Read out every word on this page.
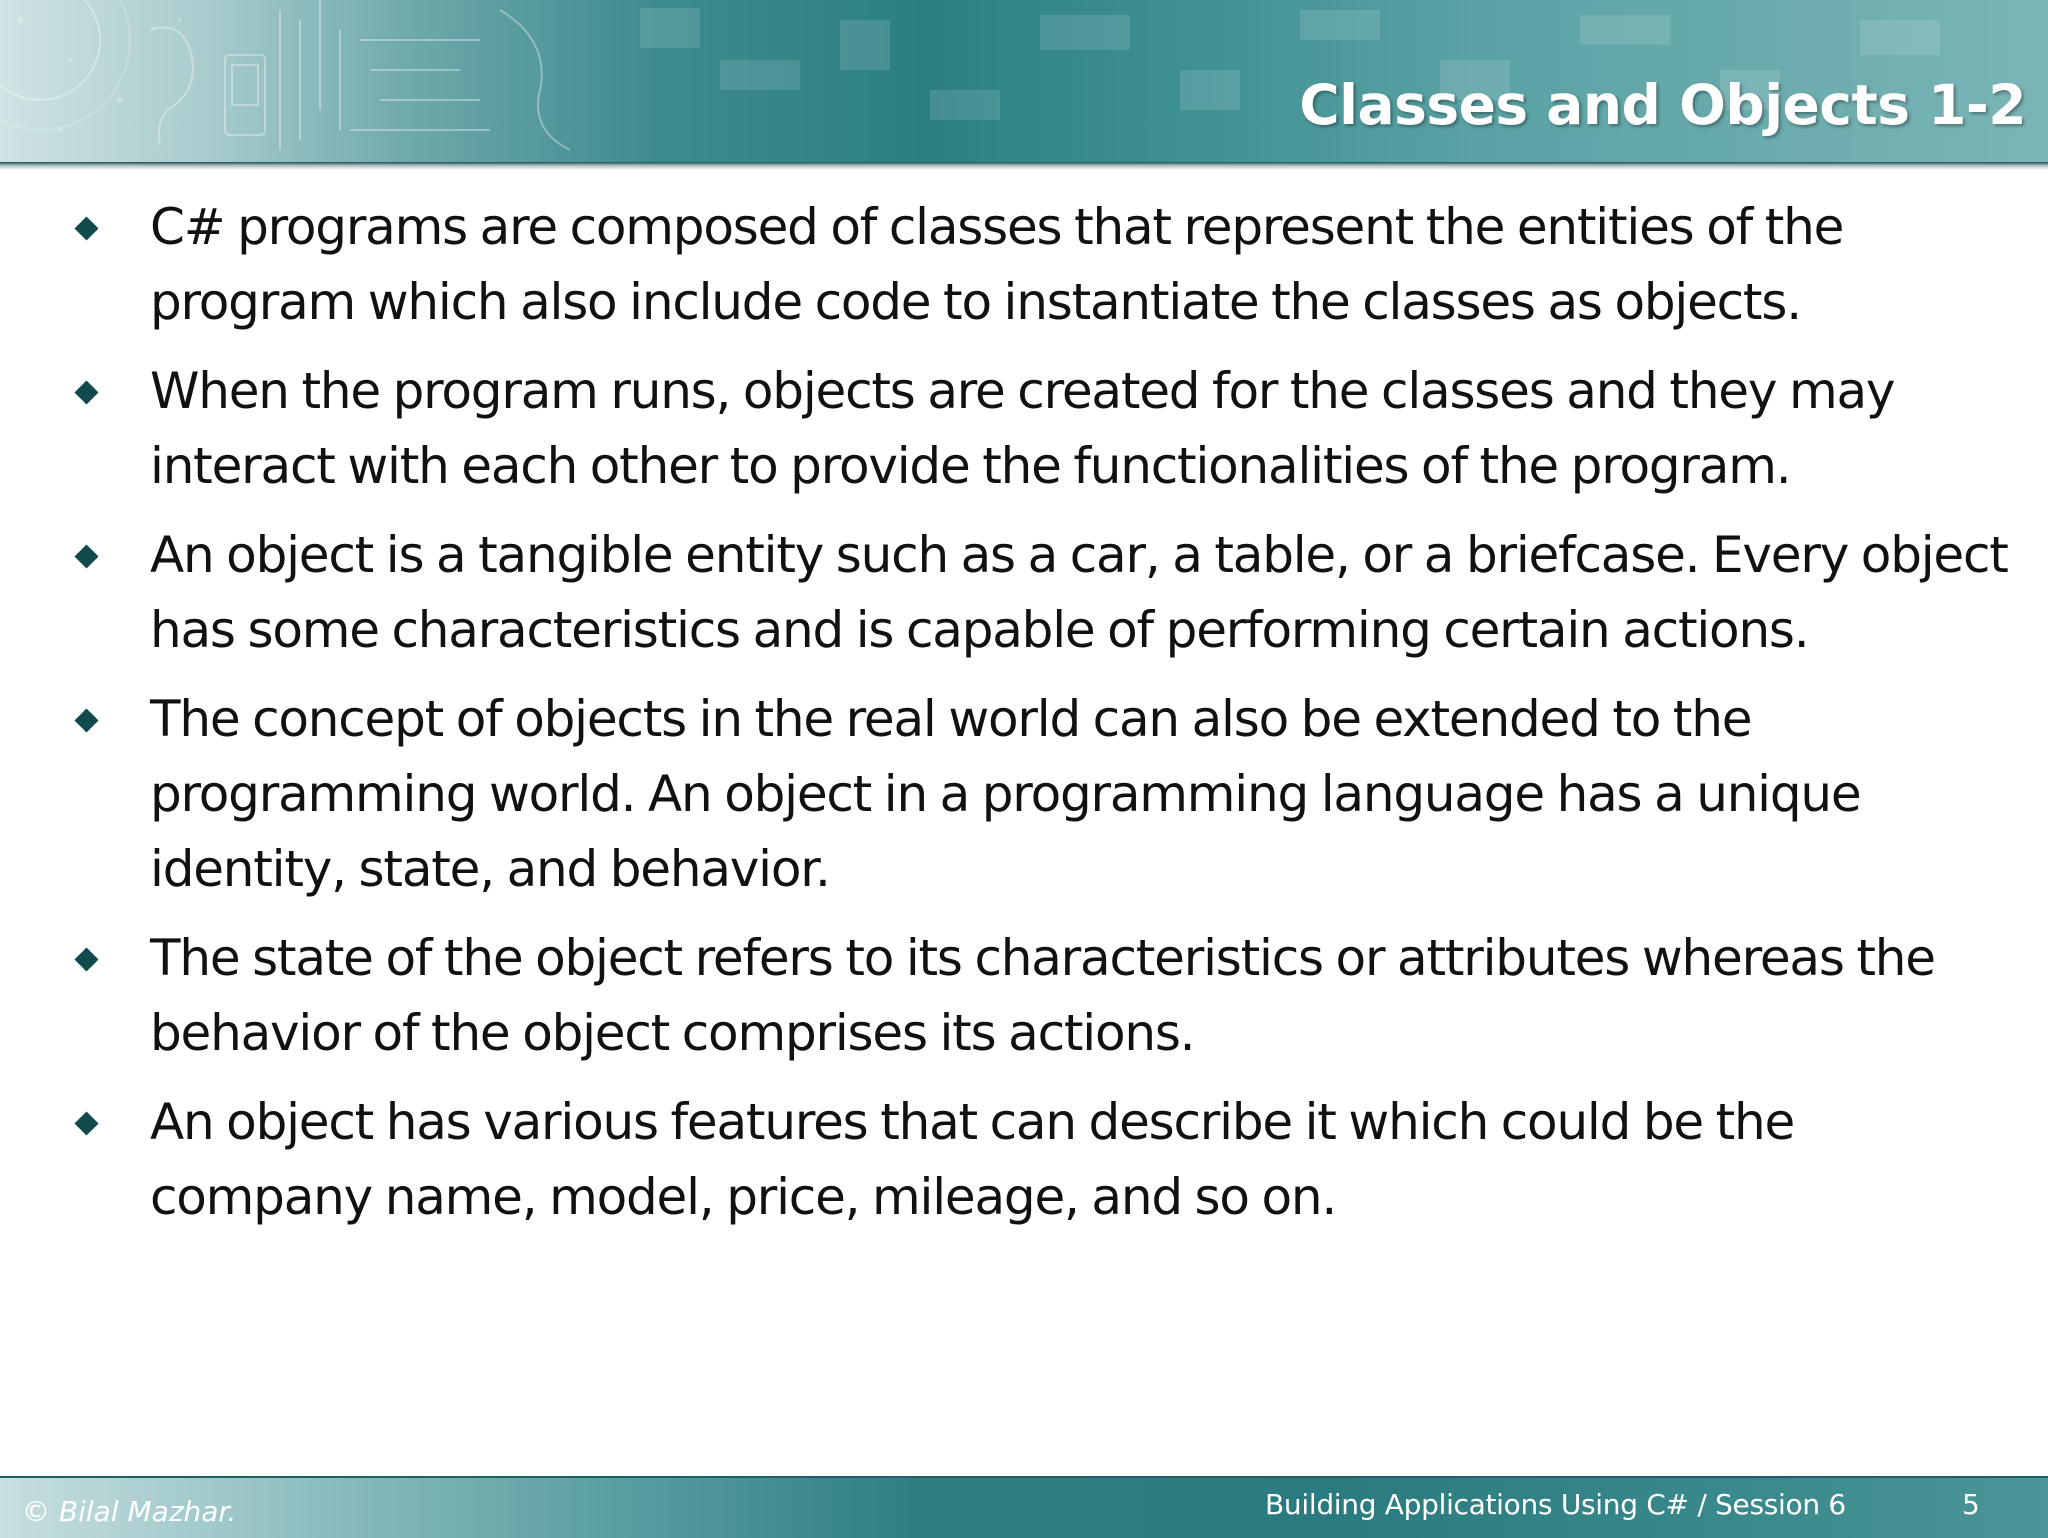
Classes and Objects 1-2
C# programs are composed of classes that represent the entities of the program which also include code to instantiate the classes as objects.
When the program runs, objects are created for the classes and they may interact with each other to provide the functionalities of the program.
An object is a tangible entity such as a car, a table, or a briefcase. Every object has some characteristics and is capable of performing certain actions.
The concept of objects in the real world can also be extended to the programming world. An object in a programming language has a unique identity, state, and behavior.
The state of the object refers to its characteristics or attributes whereas the behavior of the object comprises its actions.
An object has various features that can describe it which could be the company name, model, price, mileage, and so on.
© Bilal Mazhar.	Building Applications Using C# / Session 6	5
